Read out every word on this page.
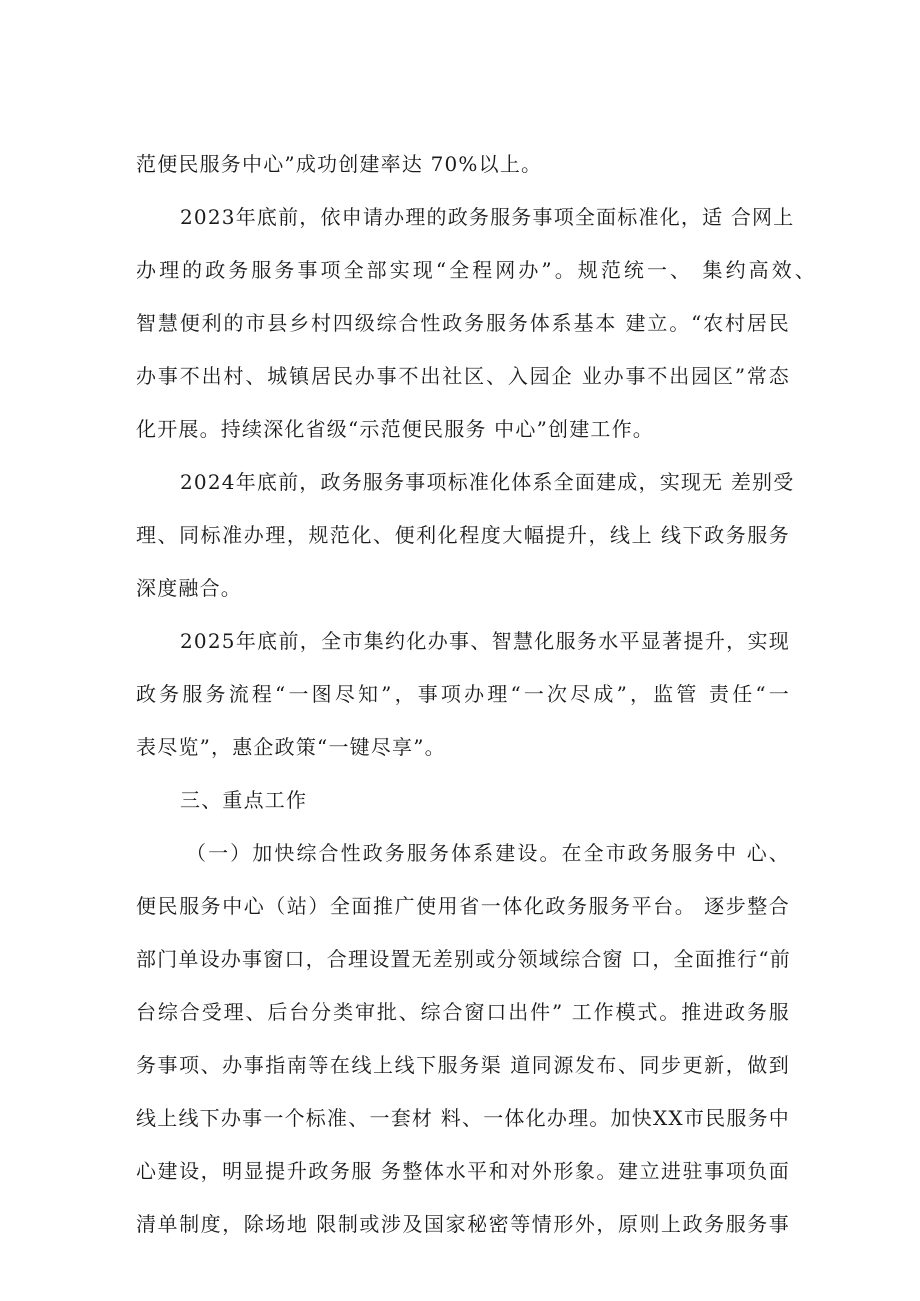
范便民服务中心”成功创建率达 70%以上。
2023年底前，依申请办理的政务服务事项全面标准化，适 合网上
办理的政务服务事项全部实现“全程网办”。规范统一、 集约高效、
智慧便利的市县乡村四级综合性政务服务体系基本 建立。“农村居民
办事不出村、城镇居民办事不出社区、入园企 业办事不出园区”常态
化开展。持续深化省级“示范便民服务 中心”创建工作。
2024年底前，政务服务事项标准化体系全面建成，实现无 差别受
理、同标准办理，规范化、便利化程度大幅提升，线上 线下政务服务
深度融合。
2025年底前，全市集约化办事、智慧化服务水平显著提升，实现
政务服务流程“一图尽知”，事项办理“一次尽成”，监管 责任“一
表尽览”，惠企政策“一键尽享”。
三、重点工作
（一）加快综合性政务服务体系建设。在全市政务服务中 心、
便民服务中心（站）全面推广使用省一体化政务服务平台。 逐步整合
部门单设办事窗口，合理设置无差别或分领域综合窗 口，全面推行“前
台综合受理、后台分类审批、综合窗口出件” 工作模式。推进政务服
务事项、办事指南等在线上线下服务渠 道同源发布、同步更新，做到
线上线下办事一个标准、一套材 料、一体化办理。加快XX市民服务中
心建设，明显提升政务服 务整体水平和对外形象。建立进驻事项负面
清单制度，除场地 限制或涉及国家秘密等情形外，原则上政务服务事
